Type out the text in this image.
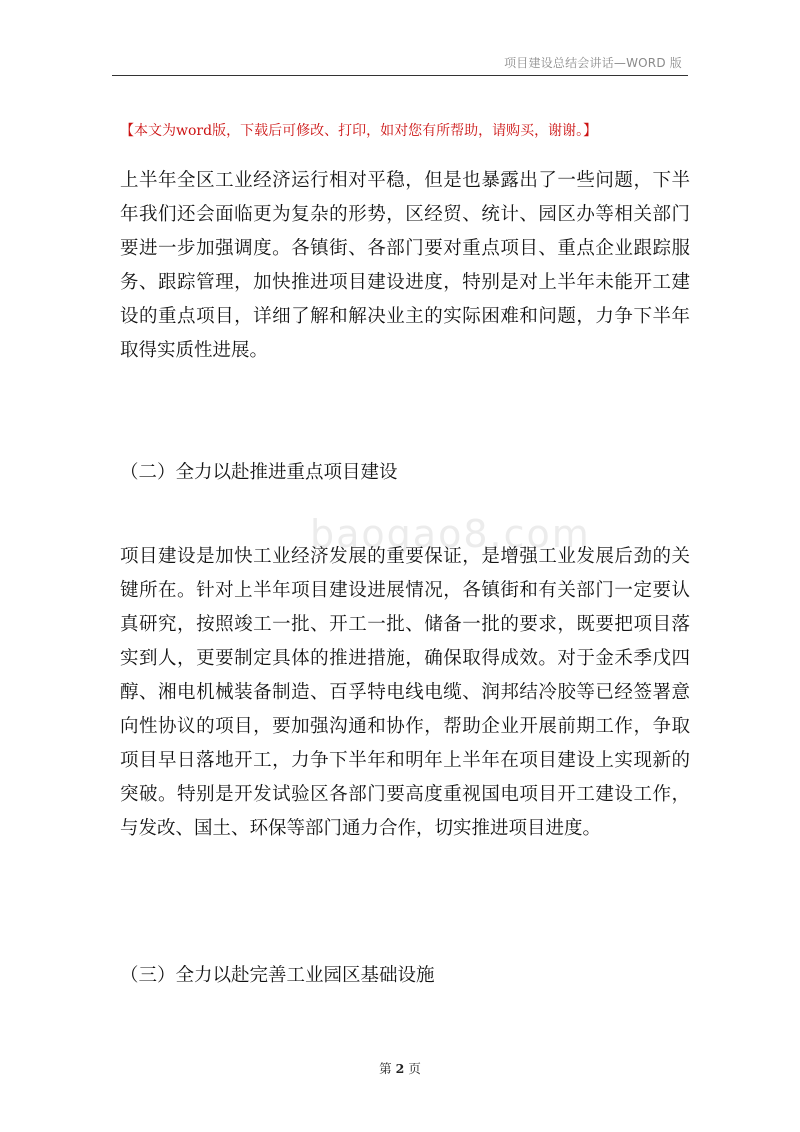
项目建设总结会讲话—WORD 版
baogao8.com
【本文为word版，下载后可修改、打印，如对您有所帮助，请购买，谢谢。】

上半年全区工业经济运行相对平稳，但是也暴露出了一些问题，下半年我们还会面临更为复杂的形势，区经贸、统计、园区办等相关部门要进一步加强调度。各镇街、各部门要对重点项目、重点企业跟踪服务、跟踪管理，加快推进项目建设进度，特别是对上半年未能开工建设的重点项目，详细了解和解决业主的实际困难和问题，力争下半年取得实质性进展。

（二）全力以赴推进重点项目建设

项目建设是加快工业经济发展的重要保证，是增强工业发展后劲的关键所在。针对上半年项目建设进展情况，各镇街和有关部门一定要认真研究，按照竣工一批、开工一批、储备一批的要求，既要把项目落实到人，更要制定具体的推进措施，确保取得成效。对于金禾季戊四醇、湘电机械装备制造、百孚特电线电缆、润邦结冷胶等已经签署意向性协议的项目，要加强沟通和协作，帮助企业开展前期工作，争取项目早日落地开工，力争下半年和明年上半年在项目建设上实现新的突破。特别是开发试验区各部门要高度重视国电项目开工建设工作，与发改、国土、环保等部门通力合作，切实推进项目进度。

（三）全力以赴完善工业园区基础设施

第 2 页
